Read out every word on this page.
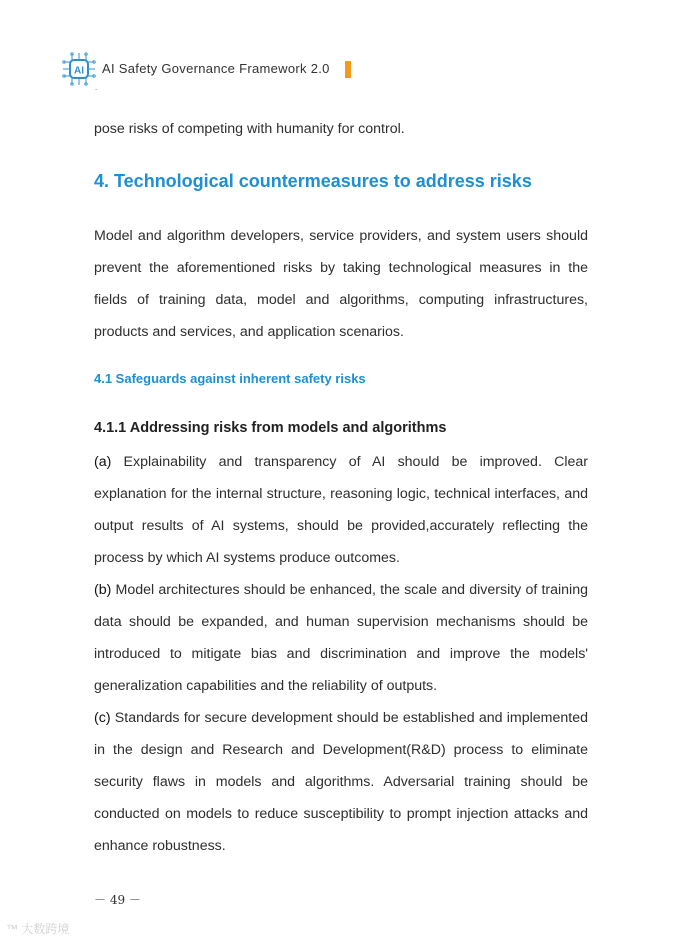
AI AI Safety Governance Framework 2.0
.

pose risks of competing with humanity for control.

4. Technological countermeasures to address risks

Model and algorithm developers, service providers, and system users should prevent the aforementioned risks by taking technological measures in the fields of training data, model and algorithms, computing infrastructures, products and services, and application scenarios.

4.1 Safeguards against inherent safety risks
4.1.1 Addressing risks from models and algorithms

(a) Explainability and transparency of AI should be improved. Clear explanation for the internal structure, reasoning logic, technical interfaces, and output results of AI systems, should be provided,accurately reflecting the process by which AI systems produce outcomes.

(b) Model architectures should be enhanced, the scale and diversity of training data should be expanded, and human supervision mechanisms should be introduced to mitigate bias and discrimination and improve the models' generalization capabilities and the reliability of outputs.

(c) Standards for secure development should be established and implemented in the design and Research and Development(R&D) process to eliminate security flaws in models and algorithms. Adversarial training should be conducted on models to reduce susceptibility to prompt injection attacks and enhance robustness.

－ 49 －
™ 大数跨境
